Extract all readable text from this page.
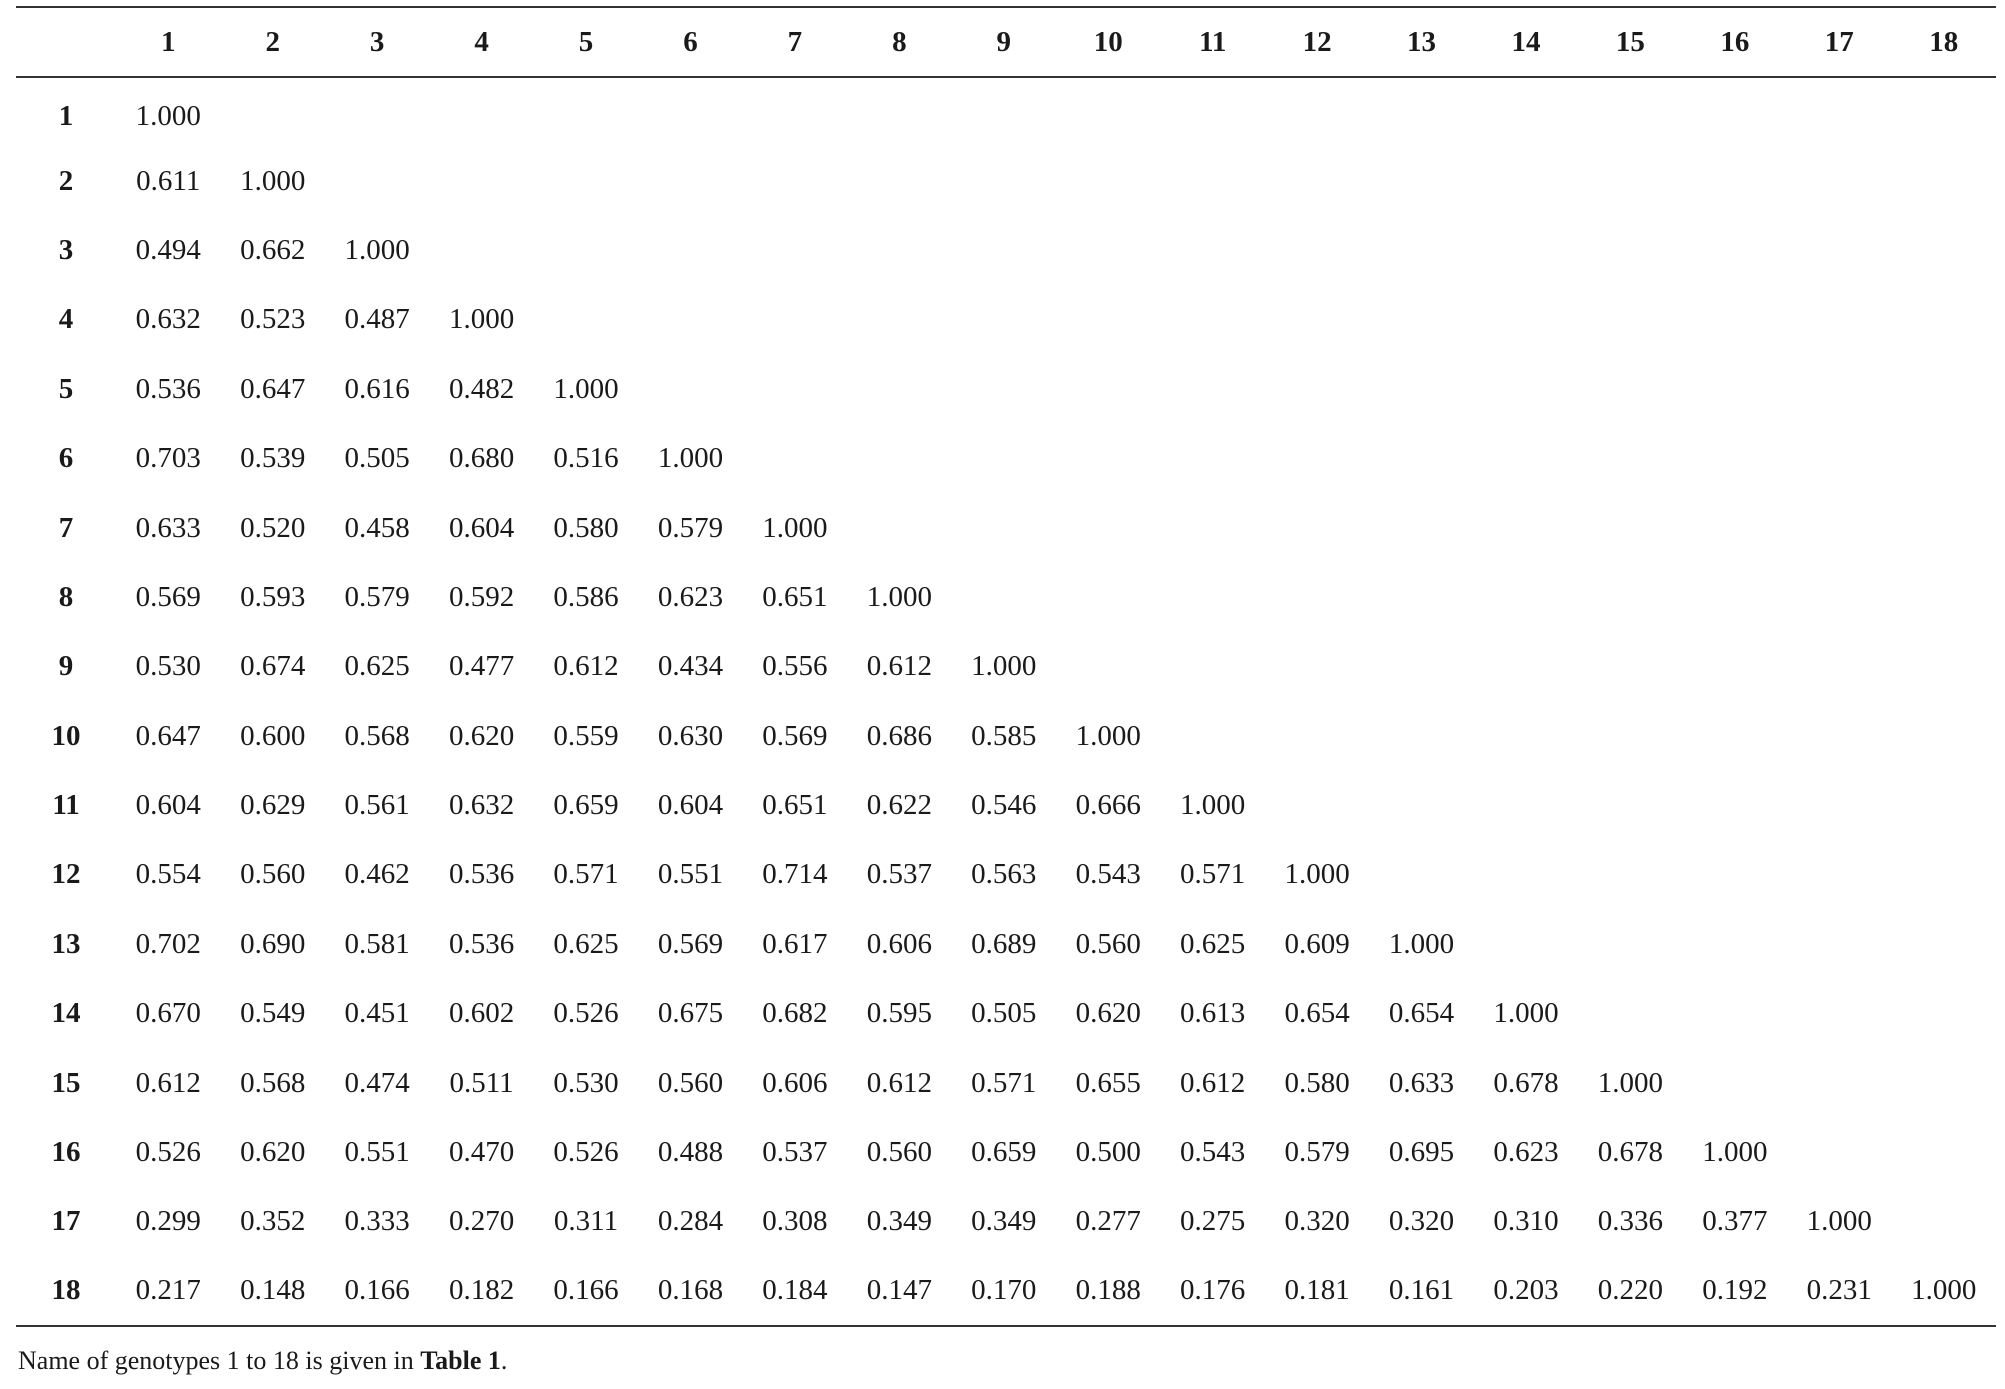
	1	2	3	4	5	6	7	8	9	10	11	12	13	14	15	16	17	18
1	1.000																	
2	0.611	1.000																
3	0.494	0.662	1.000															
4	0.632	0.523	0.487	1.000														
5	0.536	0.647	0.616	0.482	1.000													
6	0.703	0.539	0.505	0.680	0.516	1.000												
7	0.633	0.520	0.458	0.604	0.580	0.579	1.000											
8	0.569	0.593	0.579	0.592	0.586	0.623	0.651	1.000										
9	0.530	0.674	0.625	0.477	0.612	0.434	0.556	0.612	1.000									
10	0.647	0.600	0.568	0.620	0.559	0.630	0.569	0.686	0.585	1.000								
11	0.604	0.629	0.561	0.632	0.659	0.604	0.651	0.622	0.546	0.666	1.000							
12	0.554	0.560	0.462	0.536	0.571	0.551	0.714	0.537	0.563	0.543	0.571	1.000						
13	0.702	0.690	0.581	0.536	0.625	0.569	0.617	0.606	0.689	0.560	0.625	0.609	1.000					
14	0.670	0.549	0.451	0.602	0.526	0.675	0.682	0.595	0.505	0.620	0.613	0.654	0.654	1.000				
15	0.612	0.568	0.474	0.511	0.530	0.560	0.606	0.612	0.571	0.655	0.612	0.580	0.633	0.678	1.000			
16	0.526	0.620	0.551	0.470	0.526	0.488	0.537	0.560	0.659	0.500	0.543	0.579	0.695	0.623	0.678	1.000		
17	0.299	0.352	0.333	0.270	0.311	0.284	0.308	0.349	0.349	0.277	0.275	0.320	0.320	0.310	0.336	0.377	1.000	
18	0.217	0.148	0.166	0.182	0.166	0.168	0.184	0.147	0.170	0.188	0.176	0.181	0.161	0.203	0.220	0.192	0.231	1.000
Name of genotypes 1 to 18 is given in Table 1.
